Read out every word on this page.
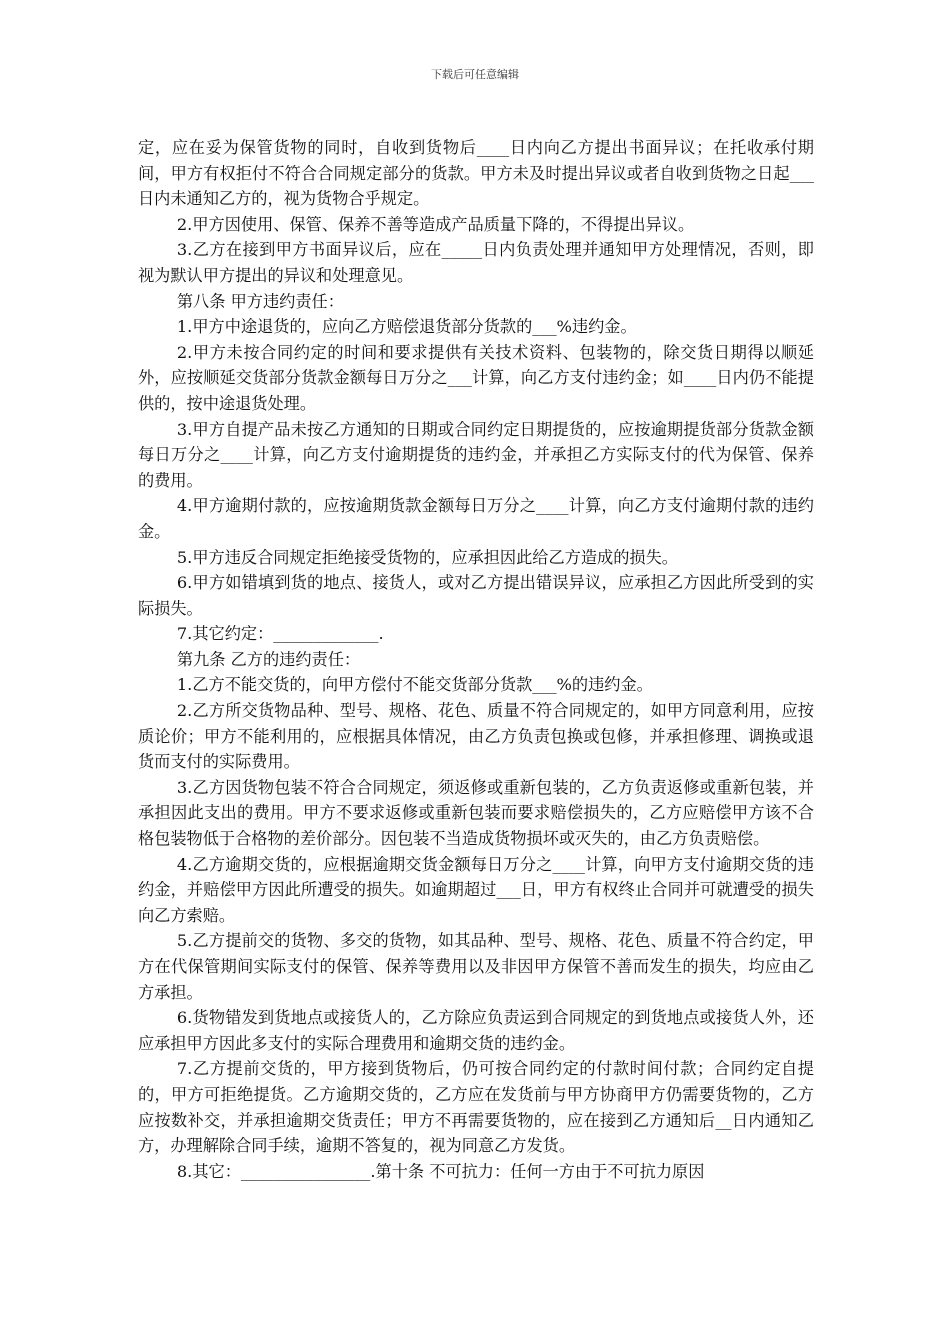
下载后可任意编辑

定，应在妥为保管货物的同时，自收到货物后____日内向乙方提出书面异议；在托收承付期间，甲方有权拒付不符合合同规定部分的货款。甲方未及时提出异议或者自收到货物之日起___日内未通知乙方的，视为货物合乎规定。

2.甲方因使用、保管、保养不善等造成产品质量下降的，不得提出异议。

3.乙方在接到甲方书面异议后，应在_____日内负责处理并通知甲方处理情况，否则，即视为默认甲方提出的异议和处理意见。

第八条 甲方违约责任：

1.甲方中途退货的，应向乙方赔偿退货部分货款的___%违约金。

2.甲方未按合同约定的时间和要求提供有关技术资料、包装物的，除交货日期得以顺延外，应按顺延交货部分货款金额每日万分之___计算，向乙方支付违约金；如____日内仍不能提供的，按中途退货处理。

3.甲方自提产品未按乙方通知的日期或合同约定日期提货的，应按逾期提货部分货款金额每日万分之____计算，向乙方支付逾期提货的违约金，并承担乙方实际支付的代为保管、保养的费用。

4.甲方逾期付款的，应按逾期货款金额每日万分之____计算，向乙方支付逾期付款的违约金。

5.甲方违反合同规定拒绝接受货物的，应承担因此给乙方造成的损失。

6.甲方如错填到货的地点、接货人，或对乙方提出错误异议，应承担乙方因此所受到的实际损失。

7.其它约定：_____________.

第九条 乙方的违约责任：

1.乙方不能交货的，向甲方偿付不能交货部分货款___%的违约金。

2.乙方所交货物品种、型号、规格、花色、质量不符合同规定的，如甲方同意利用，应按质论价；甲方不能利用的，应根据具体情况，由乙方负责包换或包修，并承担修理、调换或退货而支付的实际费用。

3.乙方因货物包装不符合合同规定，须返修或重新包装的，乙方负责返修或重新包装，并承担因此支出的费用。甲方不要求返修或重新包装而要求赔偿损失的，乙方应赔偿甲方该不合格包装物低于合格物的差价部分。因包装不当造成货物损坏或灭失的，由乙方负责赔偿。

4.乙方逾期交货的，应根据逾期交货金额每日万分之____计算，向甲方支付逾期交货的违约金，并赔偿甲方因此所遭受的损失。如逾期超过___日，甲方有权终止合同并可就遭受的损失向乙方索赔。

5.乙方提前交的货物、多交的货物，如其品种、型号、规格、花色、质量不符合约定，甲方在代保管期间实际支付的保管、保养等费用以及非因甲方保管不善而发生的损失，均应由乙方承担。

6.货物错发到货地点或接货人的，乙方除应负责运到合同规定的到货地点或接货人外，还应承担甲方因此多支付的实际合理费用和逾期交货的违约金。

7.乙方提前交货的，甲方接到货物后，仍可按合同约定的付款时间付款；合同约定自提的，甲方可拒绝提货。乙方逾期交货的，乙方应在发货前与甲方协商甲方仍需要货物的，乙方应按数补交，并承担逾期交货责任；甲方不再需要货物的，应在接到乙方通知后__日内通知乙方，办理解除合同手续，逾期不答复的，视为同意乙方发货。

8.其它：________________.第十条 不可抗力：任何一方由于不可抗力原因
